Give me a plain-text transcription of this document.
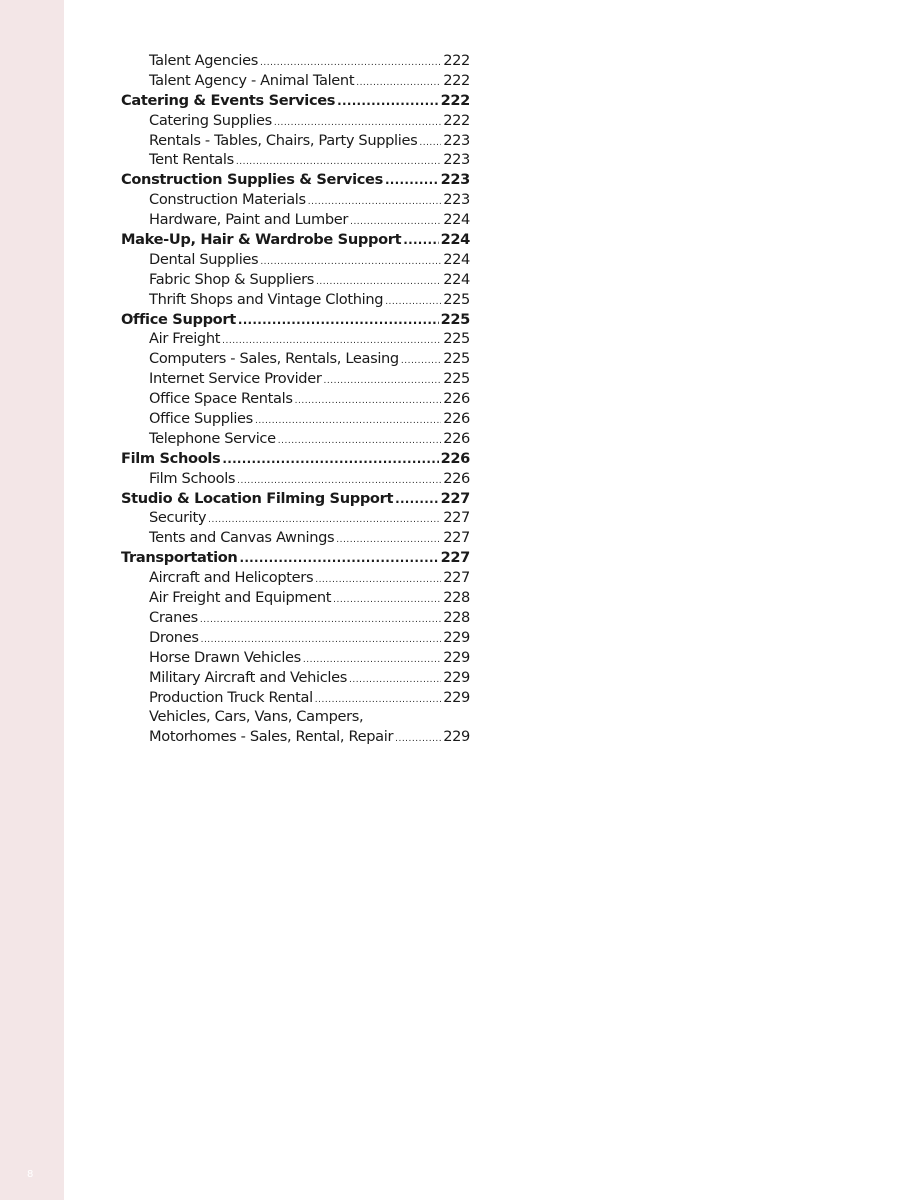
8
Talent Agencies .....	222
Talent Agency - Animal Talent .....	222
Catering & Events Services .....	222
Catering Supplies .....	222
Rentals - Tables, Chairs, Party Supplies ..... 223
Tent Rentals .....	223
Construction Supplies & Services .....	223
Construction Materials .....	223
Hardware, Paint and Lumber .....	224
Make-Up, Hair & Wardrobe Support .....	224
Dental Supplies .....	224
Fabric Shop & Suppliers .....	224
Thrift Shops and Vintage Clothing .....	225
Office Support .....	225
Air Freight .....	225
Computers - Sales, Rentals, Leasing .....	225
Internet Service Provider .....	225
Office Space Rentals .....	226
Office Supplies .....	226
Telephone Service .....	226
Film Schools .....	226
Film Schools .....	226
Studio & Location Filming Support .....	227
Security .....	227
Tents and Canvas Awnings .....	227
Transportation .....	227
Aircraft and Helicopters .....	227
Air Freight and Equipment .....	228
Cranes .....	228
Drones .....	229
Horse Drawn Vehicles .....	229
Military Aircraft and Vehicles .....	229
Production Truck Rental .....	229
Vehicles, Cars, Vans, Campers,
Motorhomes - Sales, Rental, Repair .....	229
